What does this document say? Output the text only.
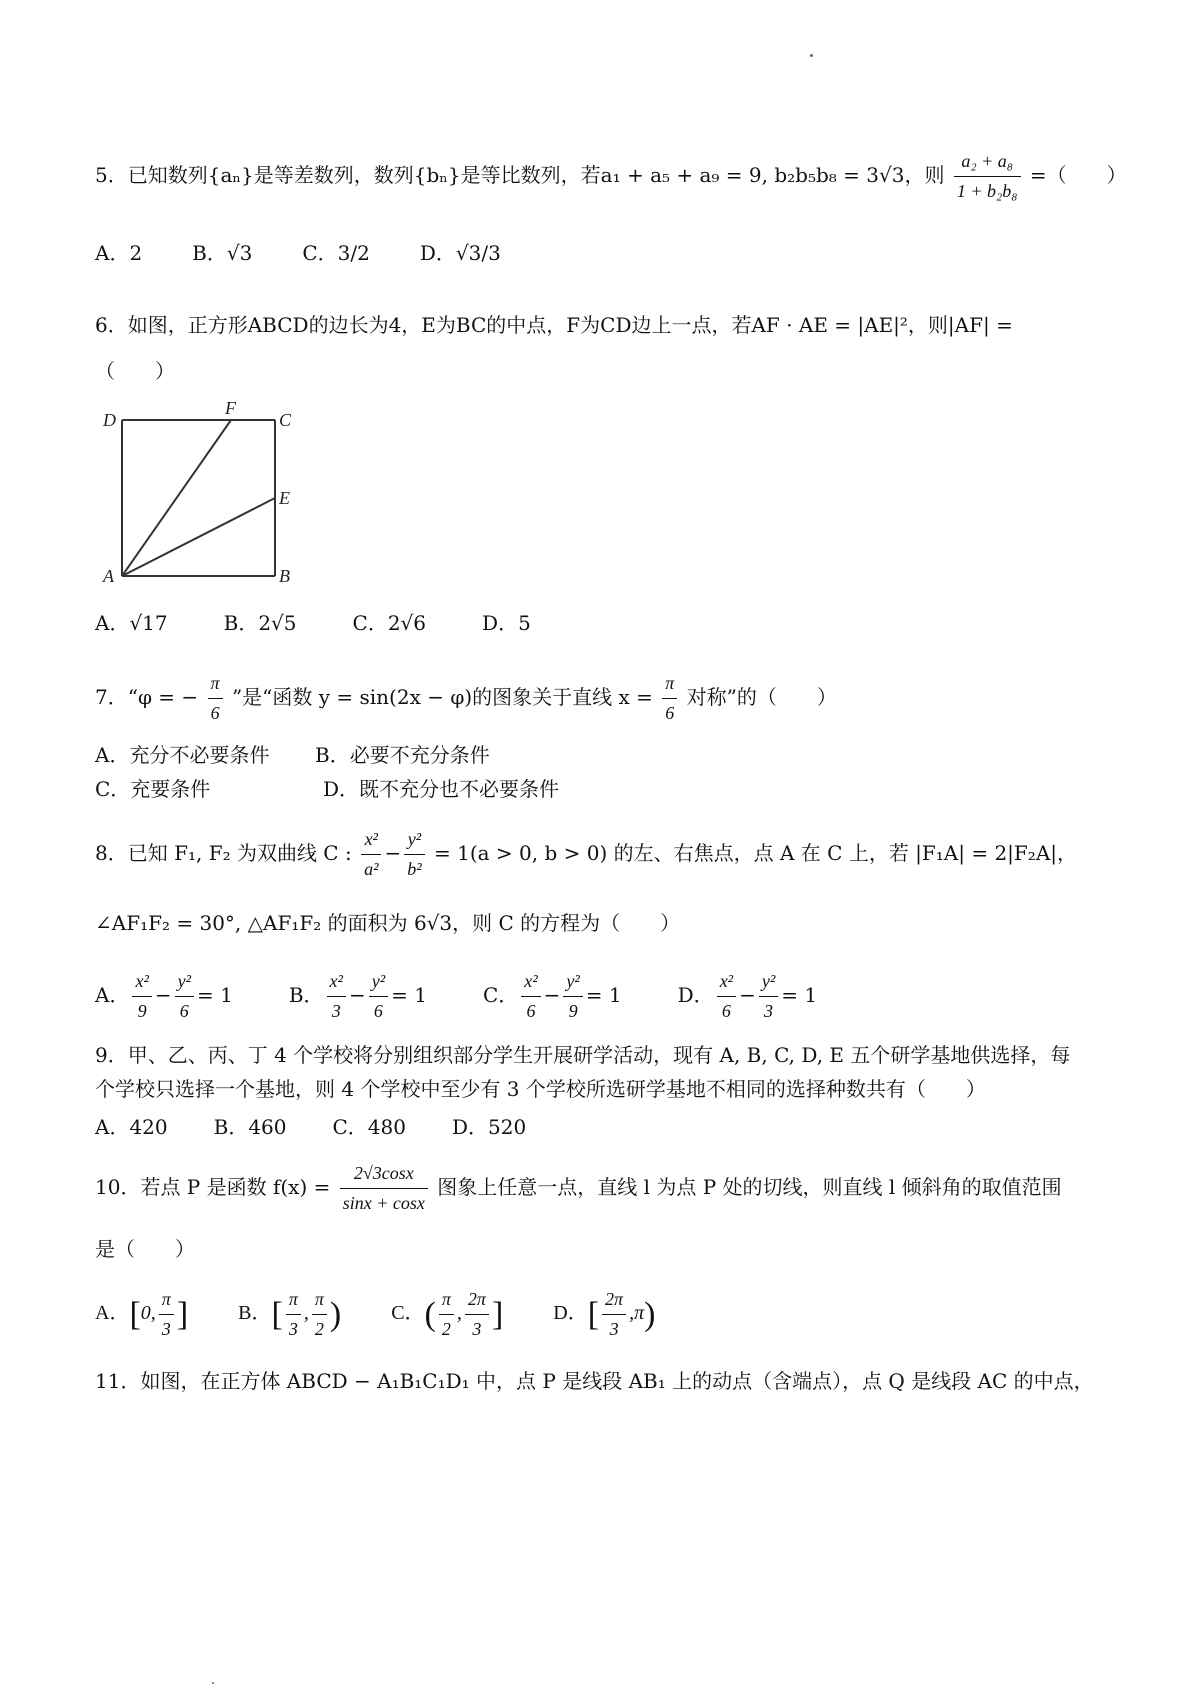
5．已知数列{aₙ}是等差数列，数列{bₙ}是等比数列，若a₁ + a₅ + a₉ = 9, b₂b₅b₈ = 3√3，则 $\frac{\text{a₂ + a₈}}{\text{1 + b₂b₈}}$ =（　　）
A．2	B．√3	C．3/2	D．√3/3
6．如图，正方形ABCD的边长为4，E为BC的中点，F为CD边上一点，若AF · AE = |AE|²，则|AF| =
（　　）
D
F
C
E
A	B
A．√17	B．2√5	C．2√6	D．5
7．“φ = − $\frac{\pi}{6}$ ”是“函数 y = sin(2x − φ)的图象关于直线 $x = \frac{\pi}{6}$ 对称”的（　　）
A．充分不必要条件	B．必要不充分条件
C．充要条件	D．既不充分也不必要条件
8．已知 F₁, F₂ 为双曲线 C : $\frac{\text{x²}}{\text{a²}} - \frac{\text{y²}}{\text{b²}} = 1(a > 0$, b > 0) 的左、右焦点，点 A 在 C 上，若 |F₁A| = 2|F₂A|，
∠AF₁F₂ = 30°, △AF₁F₂ 的面积为 6√3，则 C 的方程为（　　）
A． $\frac{\text{x²}}{9} - \frac{\text{y²}}{6} = 1$	B． $\frac{\text{x²}}{3} - \frac{\text{y²}}{6} = 1$	C． $\frac{\text{x²}}{6} - \frac{\text{y²}}{9} = 1$	D． $\frac{\text{x²}}{6} - \frac{\text{y²}}{3} = 1$
9．甲、乙、丙、丁 4 个学校将分别组织部分学生开展研学活动，现有 A, B, C, D, E 五个研学基地供选择，每
个学校只选择一个基地，则 4 个学校中至少有 3 个学校所选研学基地不相同的选择种数共有（　　）
A．420 B．460 C．480 D．520
10．若点 P 是函数 $f(x) = \frac{2√3\cos x}{\sin x + \cos x}$ 图象上任意一点，直线 l 为点 P 处的切线，则直线 l 倾斜角的取值范围
是（　　）
A．[0, $\frac{\pi}{3}$ ]	B．[ $\frac{\pi}{3}$ , $\frac{\pi}{2}$ )	C．( $\frac{\pi}{2}$ , $\frac{2\pi}{3}$ ]	D．[ $\frac{2\pi}{3} ,\pi$)
11．如图，在正方体 ABCD − A₁B₁C₁D₁ 中，点 P 是线段 AB₁ 上的动点（含端点），点 Q 是线段 AC 的中点，
